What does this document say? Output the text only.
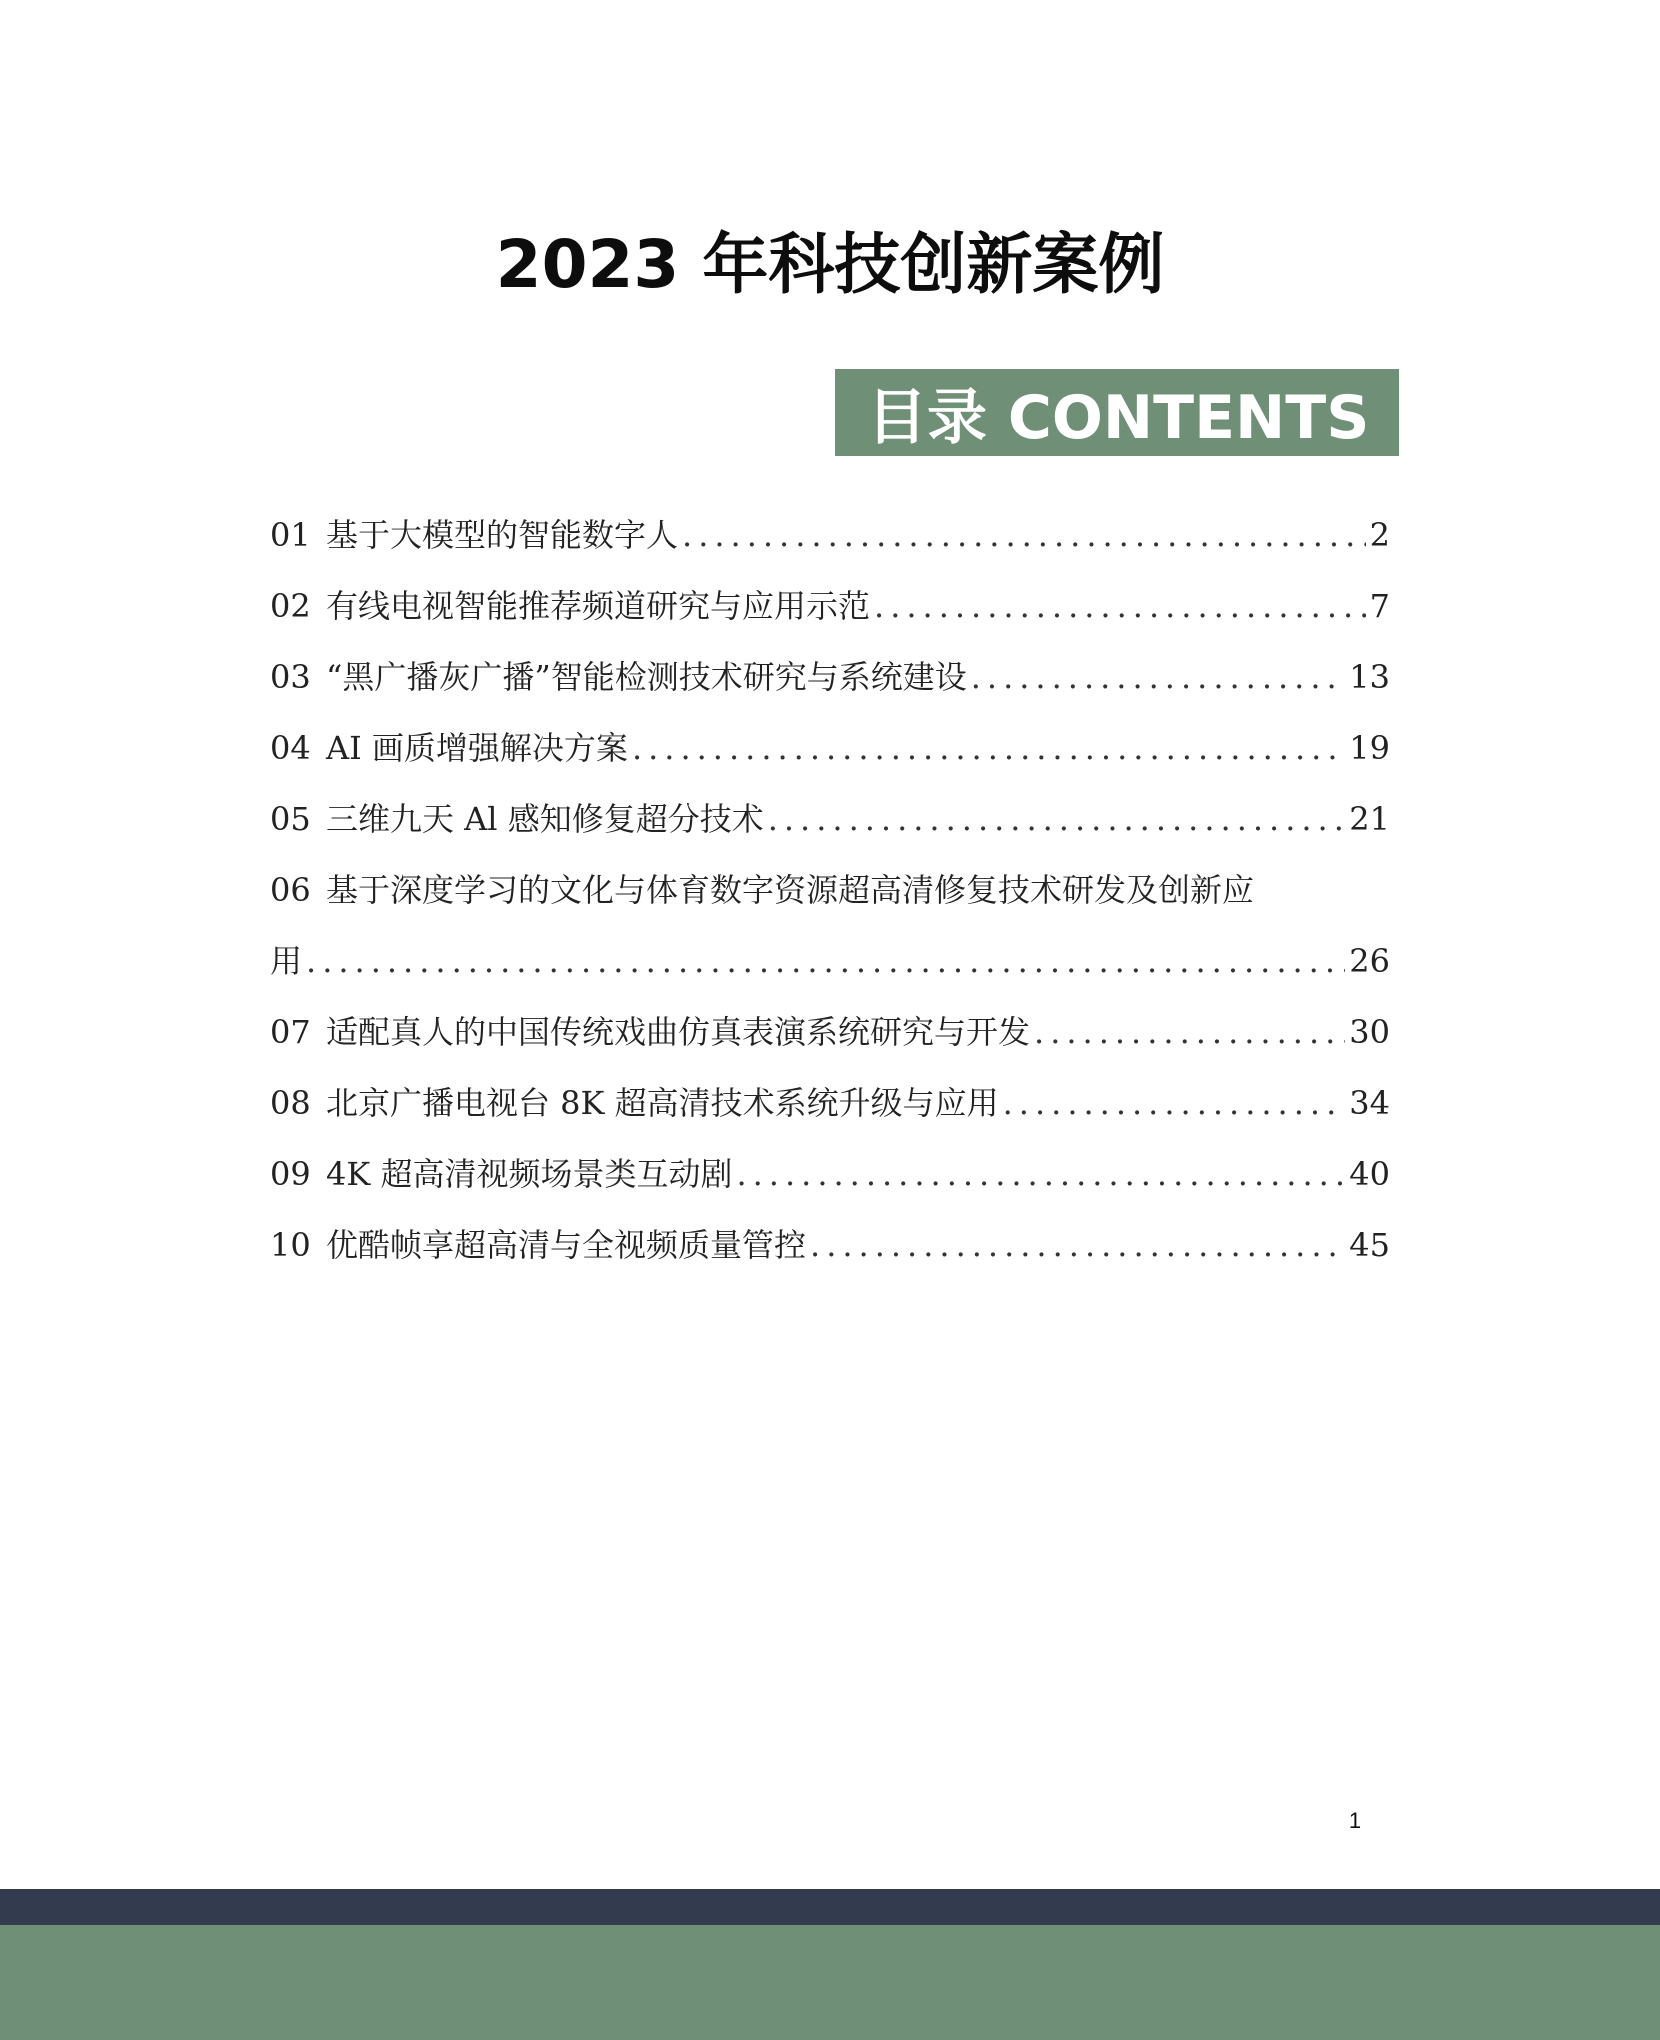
2023 年科技创新案例
目录 CONTENTS
01 基于大模型的智能数字人 .....	2
02 有线电视智能推荐频道研究与应用示范 .....	7
03 “黑广播灰广播”智能检测技术研究与系统建设 .....	13
04 AI 画质增强解决方案 .....	19
05 三维九天 Al 感知修复超分技术 .....	21
06 基于深度学习的文化与体育数字资源超高清修复技术研发及创新应
用 .....	26
07 适配真人的中国传统戏曲仿真表演系统研究与开发 .....	30
08 北京广播电视台 8K 超高清技术系统升级与应用 .....	34
09 4K 超高清视频场景类互动剧 .....	40
10 优酷帧享超高清与全视频质量管控 .....	45
1
